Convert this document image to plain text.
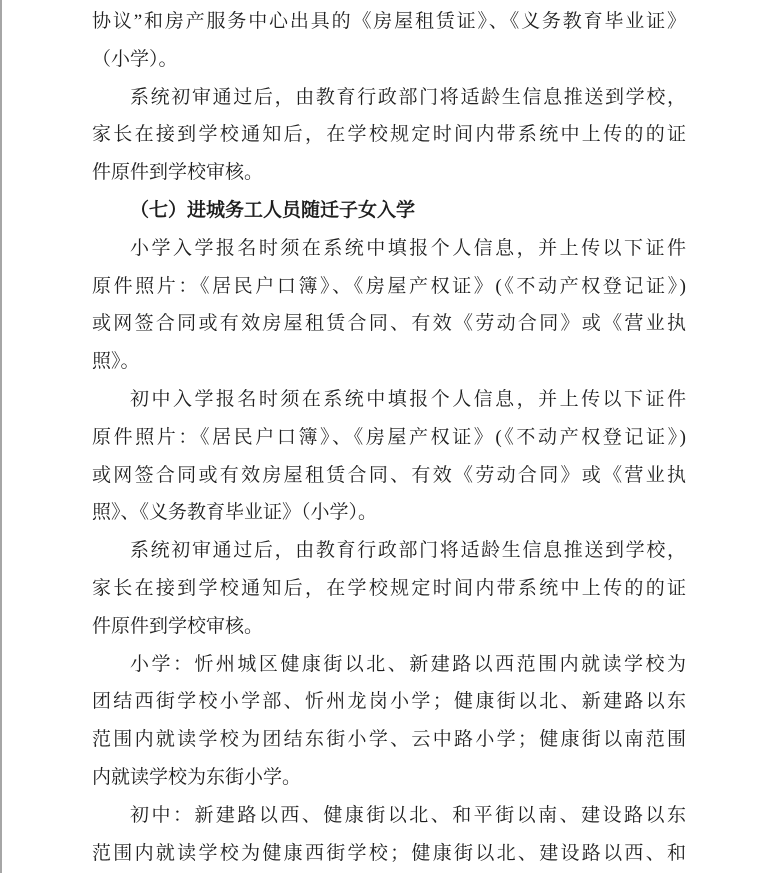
协议”和房产服务中心出具的《房屋租赁证》、《义务教育毕业证》
（小学）。
系统初审通过后，由教育行政部门将适龄生信息推送到学校，
家长在接到学校通知后，在学校规定时间内带系统中上传的的证
件原件到学校审核。
（七）进城务工人员随迁子女入学
小学入学报名时须在系统中填报个人信息，并上传以下证件
原件照片：《居民户口簿》、《房屋产权证》(《不动产权登记证》)
或网签合同或有效房屋租赁合同、有效《劳动合同》或《营业执
照》。
初中入学报名时须在系统中填报个人信息，并上传以下证件
原件照片：《居民户口簿》、《房屋产权证》(《不动产权登记证》)
或网签合同或有效房屋租赁合同、有效《劳动合同》或《营业执
照》、《义务教育毕业证》（小学）。
系统初审通过后，由教育行政部门将适龄生信息推送到学校，
家长在接到学校通知后，在学校规定时间内带系统中上传的的证
件原件到学校审核。
小学：忻州城区健康街以北、新建路以西范围内就读学校为
团结西街学校小学部、忻州龙岗小学；健康街以北、新建路以东
范围内就读学校为团结东街小学、云中路小学；健康街以南范围
内就读学校为东街小学。
初中：新建路以西、健康街以北、和平街以南、建设路以东
范围内就读学校为健康西街学校；健康街以北、建设路以西、和
